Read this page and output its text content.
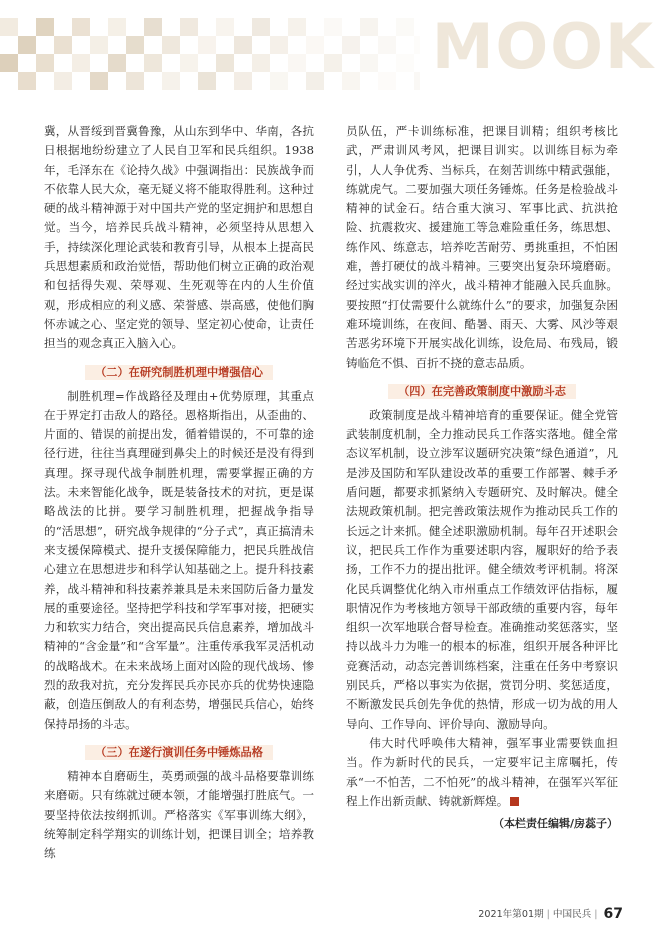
MOOK

冀，从晋绥到晋冀鲁豫，从山东到华中、华南，各抗日根据地纷纷建立了人民自卫军和民兵组织。1938年，毛泽东在《论持久战》中强调指出：民族战争而不依靠人民大众，毫无疑义将不能取得胜利。这种过硬的战斗精神源于对中国共产党的坚定拥护和思想自觉。当今，培养民兵战斗精神，必须坚持从思想入手，持续深化理论武装和教育引导，从根本上提高民兵思想素质和政治觉悟，帮助他们树立正确的政治观和包括得失观、荣辱观、生死观等在内的人生价值观，形成相应的利义感、荣誉感、崇高感，使他们胸怀赤诚之心、坚定党的领导、坚定初心使命，让责任担当的观念真正入脑入心。

（二）在研究制胜机理中增强信心

制胜机理=作战路径及理由+优势原理，其重点在于界定打击敌人的路径。恩格斯指出，从歪曲的、片面的、错误的前提出发，循着错误的，不可靠的途径行进，往往当真理碰到鼻尖上的时候还是没有得到真理。探寻现代战争制胜机理，需要掌握正确的方法。未来智能化战争，既是装备技术的对抗，更是谋略战法的比拼。要学习制胜机理，把握战争指导的“活思想”，研究战争规律的“分子式”，真正搞清未来支援保障模式、提升支援保障能力，把民兵胜战信心建立在思想进步和科学认知基础之上。提升科技素养，战斗精神和科技素养兼具是未来国防后备力量发展的重要途径。坚持把学科技和学军事对接，把硬实力和软实力结合，突出提高民兵信息素养，增加战斗精神的“含金量”和“含军量”。注重传承我军灵活机动的战略战术。在未来战场上面对凶险的现代战场、惨烈的敌我对抗，充分发挥民兵亦民亦兵的优势快速隐蔽，创造压倒敌人的有利态势，增强民兵信心，始终保持昂扬的斗志。

（三）在遂行演训任务中锤炼品格

精神本自磨砺生，英勇顽强的战斗品格要靠训练来磨砺。只有练就过硬本领，才能增强打胜底气。一要坚持依法按纲抓训。严格落实《军事训练大纲》，统筹制定科学翔实的训练计划，把课目训全；培养教练

员队伍，严卡训练标准，把课目训精；组织考核比武，严肃训风考风，把课目训实。以训练目标为牵引，人人争优秀、当标兵，在刻苦训练中精武强能，练就虎气。二要加强大项任务锤炼。任务是检验战斗精神的试金石。结合重大演习、军事比武、抗洪抢险、抗震救灾、援建施工等急难险重任务，练思想、练作风、练意志，培养吃苦耐劳、勇挑重担，不怕困难，善打硬仗的战斗精神。三要突出复杂环境磨砺。经过实战实训的淬火，战斗精神才能融入民兵血脉。要按照“打仗需要什么就练什么”的要求，加强复杂困难环境训练，在夜间、酷暑、雨天、大雾、风沙等艰苦恶劣环境下开展实战化训练，设危局、布残局，锻铸临危不惧、百折不挠的意志品质。

（四）在完善政策制度中激励斗志

政策制度是战斗精神培育的重要保证。健全党管武装制度机制，全力推动民兵工作落实落地。健全常态议军机制，设立涉军议题研究决策“绿色通道”，凡是涉及国防和军队建设改革的重要工作部署、棘手矛盾问题，都要求抓紧纳入专题研究、及时解决。健全法规政策机制。把完善政策法规作为推动民兵工作的长远之计来抓。健全述职激励机制。每年召开述职会议，把民兵工作作为重要述职内容，履职好的给予表扬，工作不力的提出批评。健全绩效考评机制。将深化民兵调整优化纳入市州重点工作绩效评估指标，履职情况作为考核地方领导干部政绩的重要内容，每年组织一次军地联合督导检查。准确推动奖惩落实，坚持以战斗力为唯一的根本的标准，组织开展各种评比竞赛活动，动态完善训练档案，注重在任务中考察识别民兵，严格以事实为依据，赏罚分明、奖惩适度，不断激发民兵创先争优的热情，形成一切为战的用人导向、工作导向、评价导向、激励导向。

伟大时代呼唤伟大精神，强军事业需要铁血担当。作为新时代的民兵，一定要牢记主席嘱托，传承“一不怕苦，二不怕死”的战斗精神，在强军兴军征程上作出新贡献、铸就新辉煌。

（本栏责任编辑/房蕊子）
2021年第01期 | 中国民兵 | 67
